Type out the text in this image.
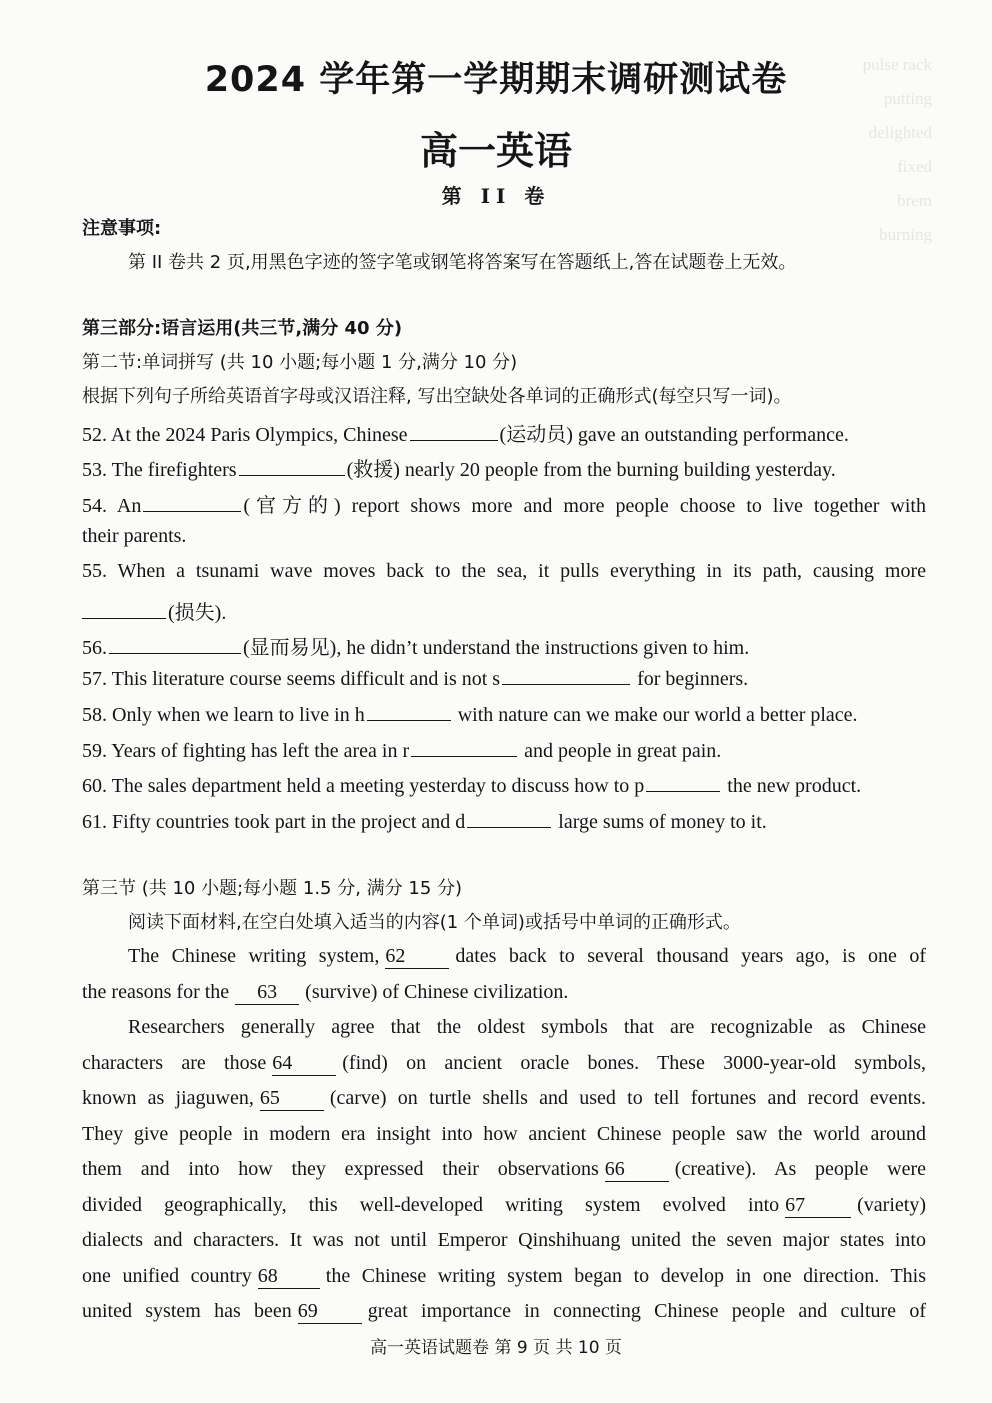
pulse rack
putting
delighted
fixed
brem
burning
2024 学年第一学期期末调研测试卷
高一英语
第 II 卷
注意事项:
第 II 卷共 2 页,用黑色字迹的签字笔或钢笔将答案写在答题纸上,答在试题卷上无效。
第三部分:语言运用(共三节,满分 40 分)
第二节:单词拼写 (共 10 小题;每小题 1 分,满分 10 分)
根据下列句子所给英语首字母或汉语注释, 写出空缺处各单词的正确形式(每空只写一词)。
52. At the 2024 Paris Olympics, Chinese	(运动员) gave an outstanding performance.
53. The firefighters	(救援) nearly 20 people from the burning building yesterday.
54. An	(官方的) report shows more and more people choose to live together with
their parents.
55. When a tsunami wave moves back to the sea, it pulls everything in its path, causing more
(损失).
56.	(显而易见), he didn’t understand the instructions given to him.
57. This literature course seems difficult and is not s	for beginners.
58. Only when we learn to live in h	with nature can we make our world a better place.
59. Years of fighting has left the area in r	and people in great pain.
60. The sales department held a meeting yesterday to discuss how to p	the new product.
61. Fifty countries took part in the project and d	large sums of money to it.
第三节 (共 10 小题;每小题 1.5 分, 满分 15 分)
阅读下面材料,在空白处填入适当的内容(1 个单词)或括号中单词的正确形式。
The Chinese writing system, 62	dates back to several thousand years ago, is one of
the reasons for the 63 (survive) of Chinese civilization.
Researchers generally agree that the oldest symbols that are recognizable as Chinese
characters are those 64	(find) on ancient oracle bones. These 3000-year-old symbols,
known as jiaguwen, 65	(carve) on turtle shells and used to tell fortunes and record events.
They give people in modern era insight into how ancient Chinese people saw the world around
them and into how they expressed their observations 66	(creative). As people were
divided geographically, this well-developed writing system evolved into 67	(variety)
dialects and characters. It was not until Emperor Qinshihuang united the seven major states into
one unified country 68 the Chinese writing system began to develop in one direction. This
united system has been 69	great importance in connecting Chinese people and culture of
高一英语试题卷 第 9 页 共 10 页
